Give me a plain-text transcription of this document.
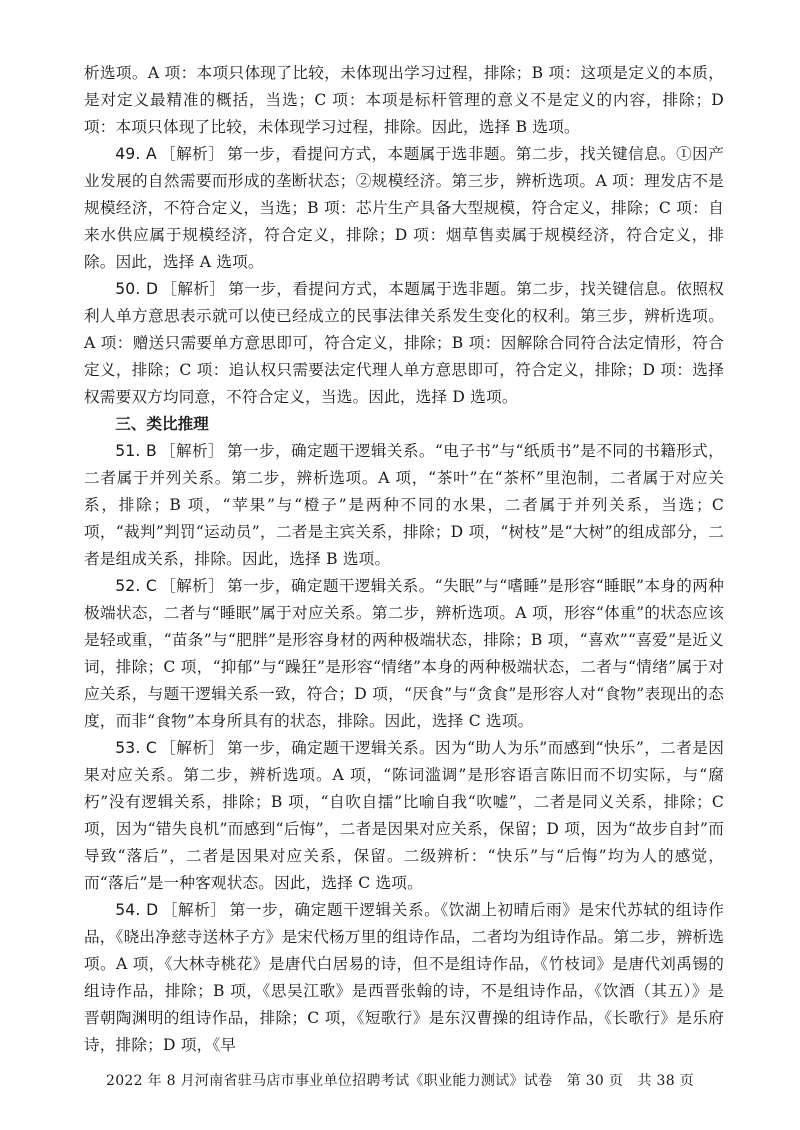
析选项。A 项：本项只体现了比较，未体现出学习过程，排除；B 项：这项是定义的本质，是对定义最精准的概括，当选；C 项：本项是标杆管理的意义不是定义的内容，排除；D 项：本项只体现了比较，未体现学习过程，排除。因此，选择 B 选项。

49. A ［解析］ 第一步，看提问方式，本题属于选非题。第二步，找关键信息。①因产业发展的自然需要而形成的垄断状态；②规模经济。第三步，辨析选项。A 项：理发店不是规模经济，不符合定义，当选；B 项：芯片生产具备大型规模，符合定义，排除；C 项：自来水供应属于规模经济，符合定义，排除；D 项：烟草售卖属于规模经济，符合定义，排除。因此，选择 A 选项。

50. D ［解析］ 第一步，看提问方式，本题属于选非题。第二步，找关键信息。依照权利人单方意思表示就可以使已经成立的民事法律关系发生变化的权利。第三步，辨析选项。A 项：赠送只需要单方意思即可，符合定义，排除；B 项：因解除合同符合法定情形，符合定义，排除；C 项：追认权只需要法定代理人单方意思即可，符合定义，排除；D 项：选择权需要双方均同意，不符合定义，当选。因此，选择 D 选项。

三、类比推理

51. B ［解析］ 第一步，确定题干逻辑关系。“电子书”与“纸质书”是不同的书籍形式，二者属于并列关系。第二步，辨析选项。A 项，“茶叶”在“茶杯”里泡制，二者属于对应关系，排除；B 项，“苹果”与“橙子”是两种不同的水果，二者属于并列关系，当选；C 项，“裁判”判罚“运动员”，二者是主宾关系，排除；D 项，“树枝”是“大树”的组成部分，二者是组成关系，排除。因此，选择 B 选项。

52. C ［解析］ 第一步，确定题干逻辑关系。“失眠”与“嗜睡”是形容“睡眠”本身的两种极端状态，二者与“睡眠”属于对应关系。第二步，辨析选项。A 项，形容“体重”的状态应该是轻或重，“苗条”与“肥胖”是形容身材的两种极端状态，排除；B 项，“喜欢”“喜爱”是近义词，排除；C 项，“抑郁”与“躁狂”是形容“情绪”本身的两种极端状态，二者与“情绪”属于对应关系，与题干逻辑关系一致，符合；D 项，“厌食”与“贪食”是形容人对“食物”表现出的态度，而非“食物”本身所具有的状态，排除。因此，选择 C 选项。

53. C ［解析］ 第一步，确定题干逻辑关系。因为“助人为乐”而感到“快乐”，二者是因果对应关系。第二步，辨析选项。A 项，“陈词滥调”是形容语言陈旧而不切实际，与“腐朽”没有逻辑关系，排除；B 项，“自吹自擂”比喻自我“吹嘘”，二者是同义关系，排除；C 项，因为“错失良机”而感到“后悔”，二者是因果对应关系，保留；D 项，因为“故步自封”而导致“落后”，二者是因果对应关系，保留。二级辨析：“快乐”与“后悔”均为人的感觉，而“落后”是一种客观状态。因此，选择 C 选项。

54. D ［解析］ 第一步，确定题干逻辑关系。《饮湖上初晴后雨》是宋代苏轼的组诗作品，《晓出净慈寺送林子方》是宋代杨万里的组诗作品，二者均为组诗作品。第二步，辨析选项。A 项，《大林寺桃花》是唐代白居易的诗，但不是组诗作品，《竹枝词》是唐代刘禹锡的组诗作品，排除；B 项，《思吴江歌》是西晋张翰的诗，不是组诗作品，《饮酒（其五）》是晋朝陶渊明的组诗作品，排除；C 项，《短歌行》是东汉曹操的组诗作品，《长歌行》是乐府诗，排除；D 项，《早

2022 年 8 月河南省驻马店市事业单位招聘考试《职业能力测试》试卷　第 30 页　共 38 页
